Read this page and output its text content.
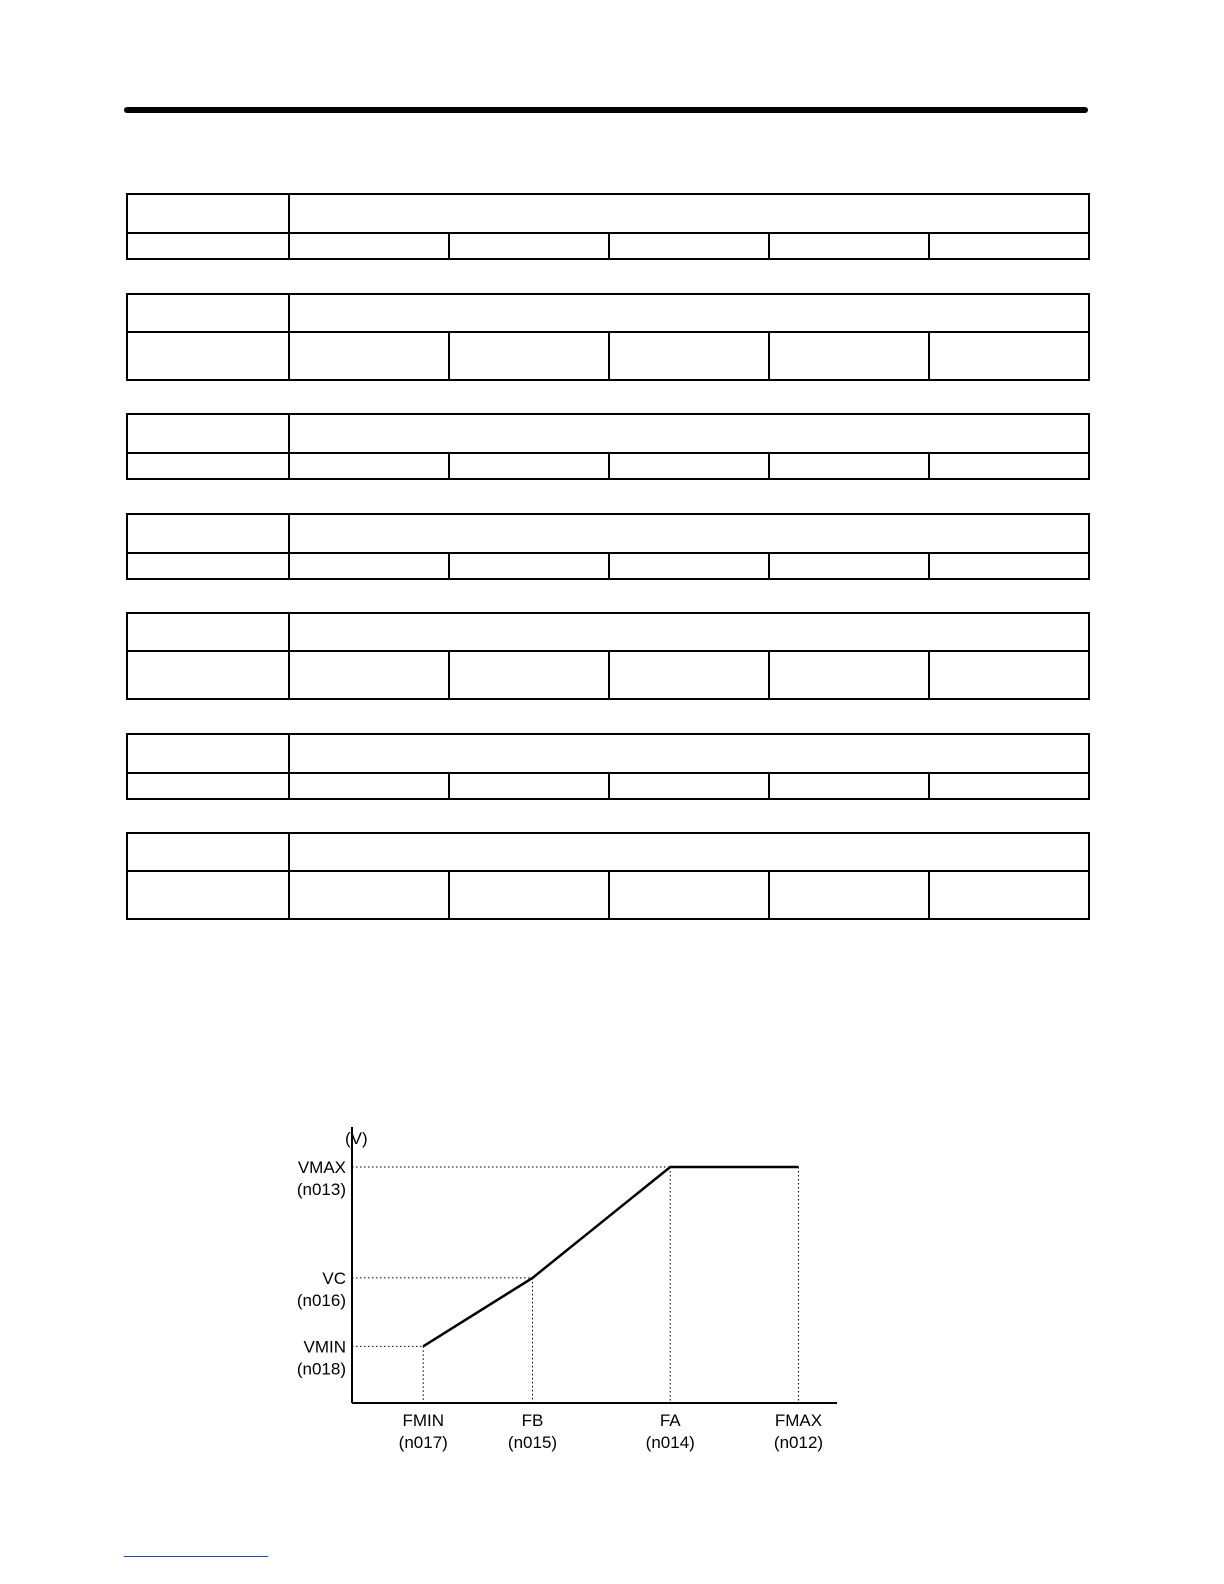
(V)
FMIN
(n017)
FB
(n015)
FA
(n014)
FMAX
(n012)
VMAX
(n013)
VC
(n016)
VMIN
(n018)
